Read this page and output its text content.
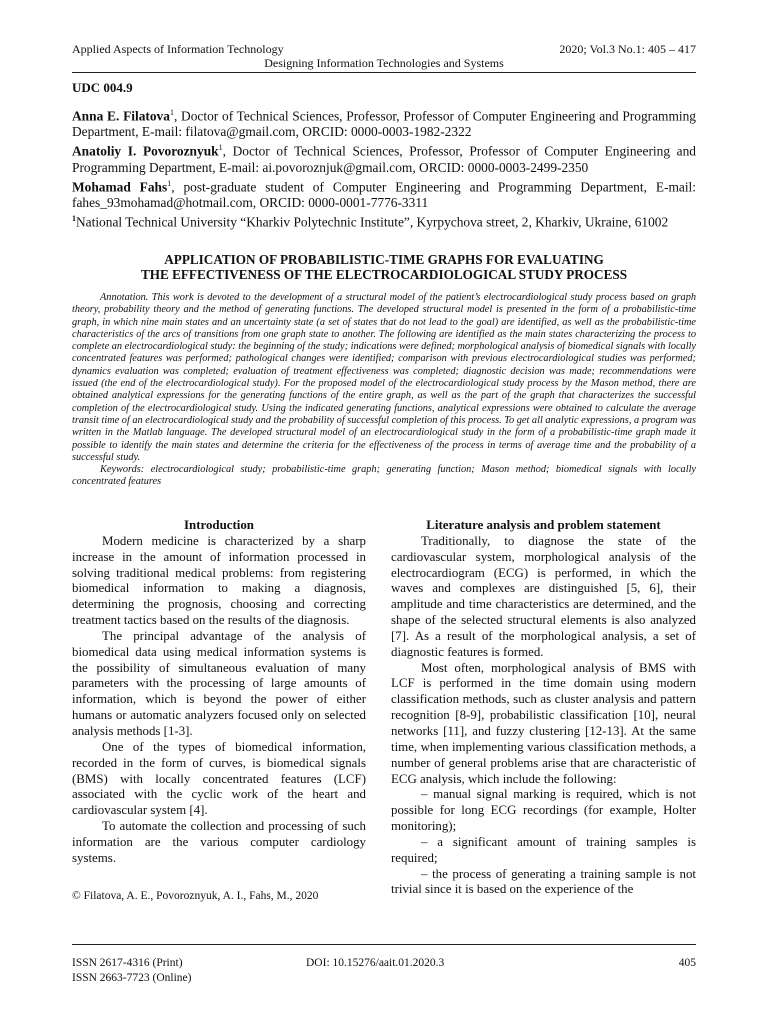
Applied Aspects of Information Technology	2020; Vol.3 No.1: 405 – 417
Designing Information Technologies and Systems
UDC 004.9

Anna E. Filatova$^1$, Doctor of Technical Sciences, Professor, Professor of Computer Engineering and Programming Department, E-mail: filatova@gmail.com, ORCID: 0000-0003-1982-2322

Anatoliy I. Povoroznyuk$^1$, Doctor of Technical Sciences, Professor, Professor of Computer Engineering and Programming Department, E-mail: ai.povoroznjuk@gmail.com, ORCID: 0000-0003-2499-2350

Mohamad Fahs$^1$, post-graduate student of Computer Engineering and Programming Department, E-mail: fahes_93mohamad@hotmail.com, ORCID: 0000-0001-7776-3311

$^1$National Technical University “Kharkiv Polytechnic Institute”, Kyrpychova street, 2, Kharkiv, Ukraine, 61002

APPLICATION OF PROBABILISTIC-TIME GRAPHS FOR EVALUATING
THE EFFECTIVENESS OF THE ELECTROCARDIOLOGICAL STUDY PROCESS

Annotation. This work is devoted to the development of a structural model of the patient’s electrocardiological study process based on graph theory, probability theory and the method of generating functions. The developed structural model is presented in the form of a probabilistic-time graph, in which nine main states and an uncertainty state (a set of states that do not lead to the goal) are identified, as well as the probabilistic-time characteristics of the arcs of transitions from one graph state to another. The following are identified as the main states characterizing the process to complete an electrocardiological study: the beginning of the study; indications were defined; morphological analysis of biomedical signals with locally concentrated features was performed; pathological changes were identified; comparison with previous electrocardiological studies was performed; dynamics evaluation was completed; evaluation of treatment effectiveness was completed; diagnostic decision was made; recommendations were issued (the end of the electrocardiological study). For the proposed model of the electrocardiological study process by the Mason method, there are obtained analytical expressions for the generating functions of the entire graph, as well as the part of the graph that characterizes the successful completion of the electrocardiological study. Using the indicated generating functions, analytical expressions were obtained to calculate the average transit time of an electrocardiological study and the probability of successful completion of this process. To get all analytic expressions, a program was written in the Matlab language. The developed structural model of an electrocardiological study in the form of a probabilistic-time graph made it possible to identify the main states and determine the criteria for the effectiveness of the process in terms of average time and the probability of a successful study.

Keywords: electrocardiological study; probabilistic-time graph; generating function; Mason method; biomedical signals with locally concentrated features

Introduction

Modern medicine is characterized by a sharp increase in the amount of information processed in solving traditional medical problems: from registering biomedical information to making a diagnosis, determining the prognosis, choosing and correcting treatment tactics based on the results of the diagnosis.

The principal advantage of the analysis of biomedical data using medical information systems is the possibility of simultaneous evaluation of many parameters with the processing of large amounts of information, which is beyond the power of either humans or automatic analyzers focused only on selected analysis methods [1-3].

One of the types of biomedical information, recorded in the form of curves, is biomedical signals (BMS) with locally concentrated features (LCF) associated with the cyclic work of the heart and cardiovascular system [4].

To automate the collection and processing of such information are the various computer cardiology systems.

Literature analysis and problem statement

Traditionally, to diagnose the state of the cardiovascular system, morphological analysis of the electrocardiogram (ECG) is performed, in which the waves and complexes are distinguished [5, 6], their amplitude and time characteristics are determined, and the shape of the selected structural elements is also analyzed [7]. As a result of the morphological analysis, a set of diagnostic features is formed.

Most often, morphological analysis of BMS with LCF is performed in the time domain using modern classification methods, such as cluster analysis and pattern recognition [8-9], probabilistic classification [10], neural networks [11], and fuzzy clustering [12-13]. At the same time, when implementing various classification methods, a number of general problems arise that are characteristic of ECG analysis, which include the following:

– manual signal marking is required, which is not possible for long ECG recordings (for example, Holter monitoring);

– a significant amount of training samples is required;

– the process of generating a training sample is not trivial since it is based on the experience of the

© Filatova, A. E., Povoroznyuk, A. I., Fahs, M., 2020
ISSN 2617-4316 (Print)
ISSN 2663-7723 (Online)
DOI: 10.15276/aait.01.2020.3	405
